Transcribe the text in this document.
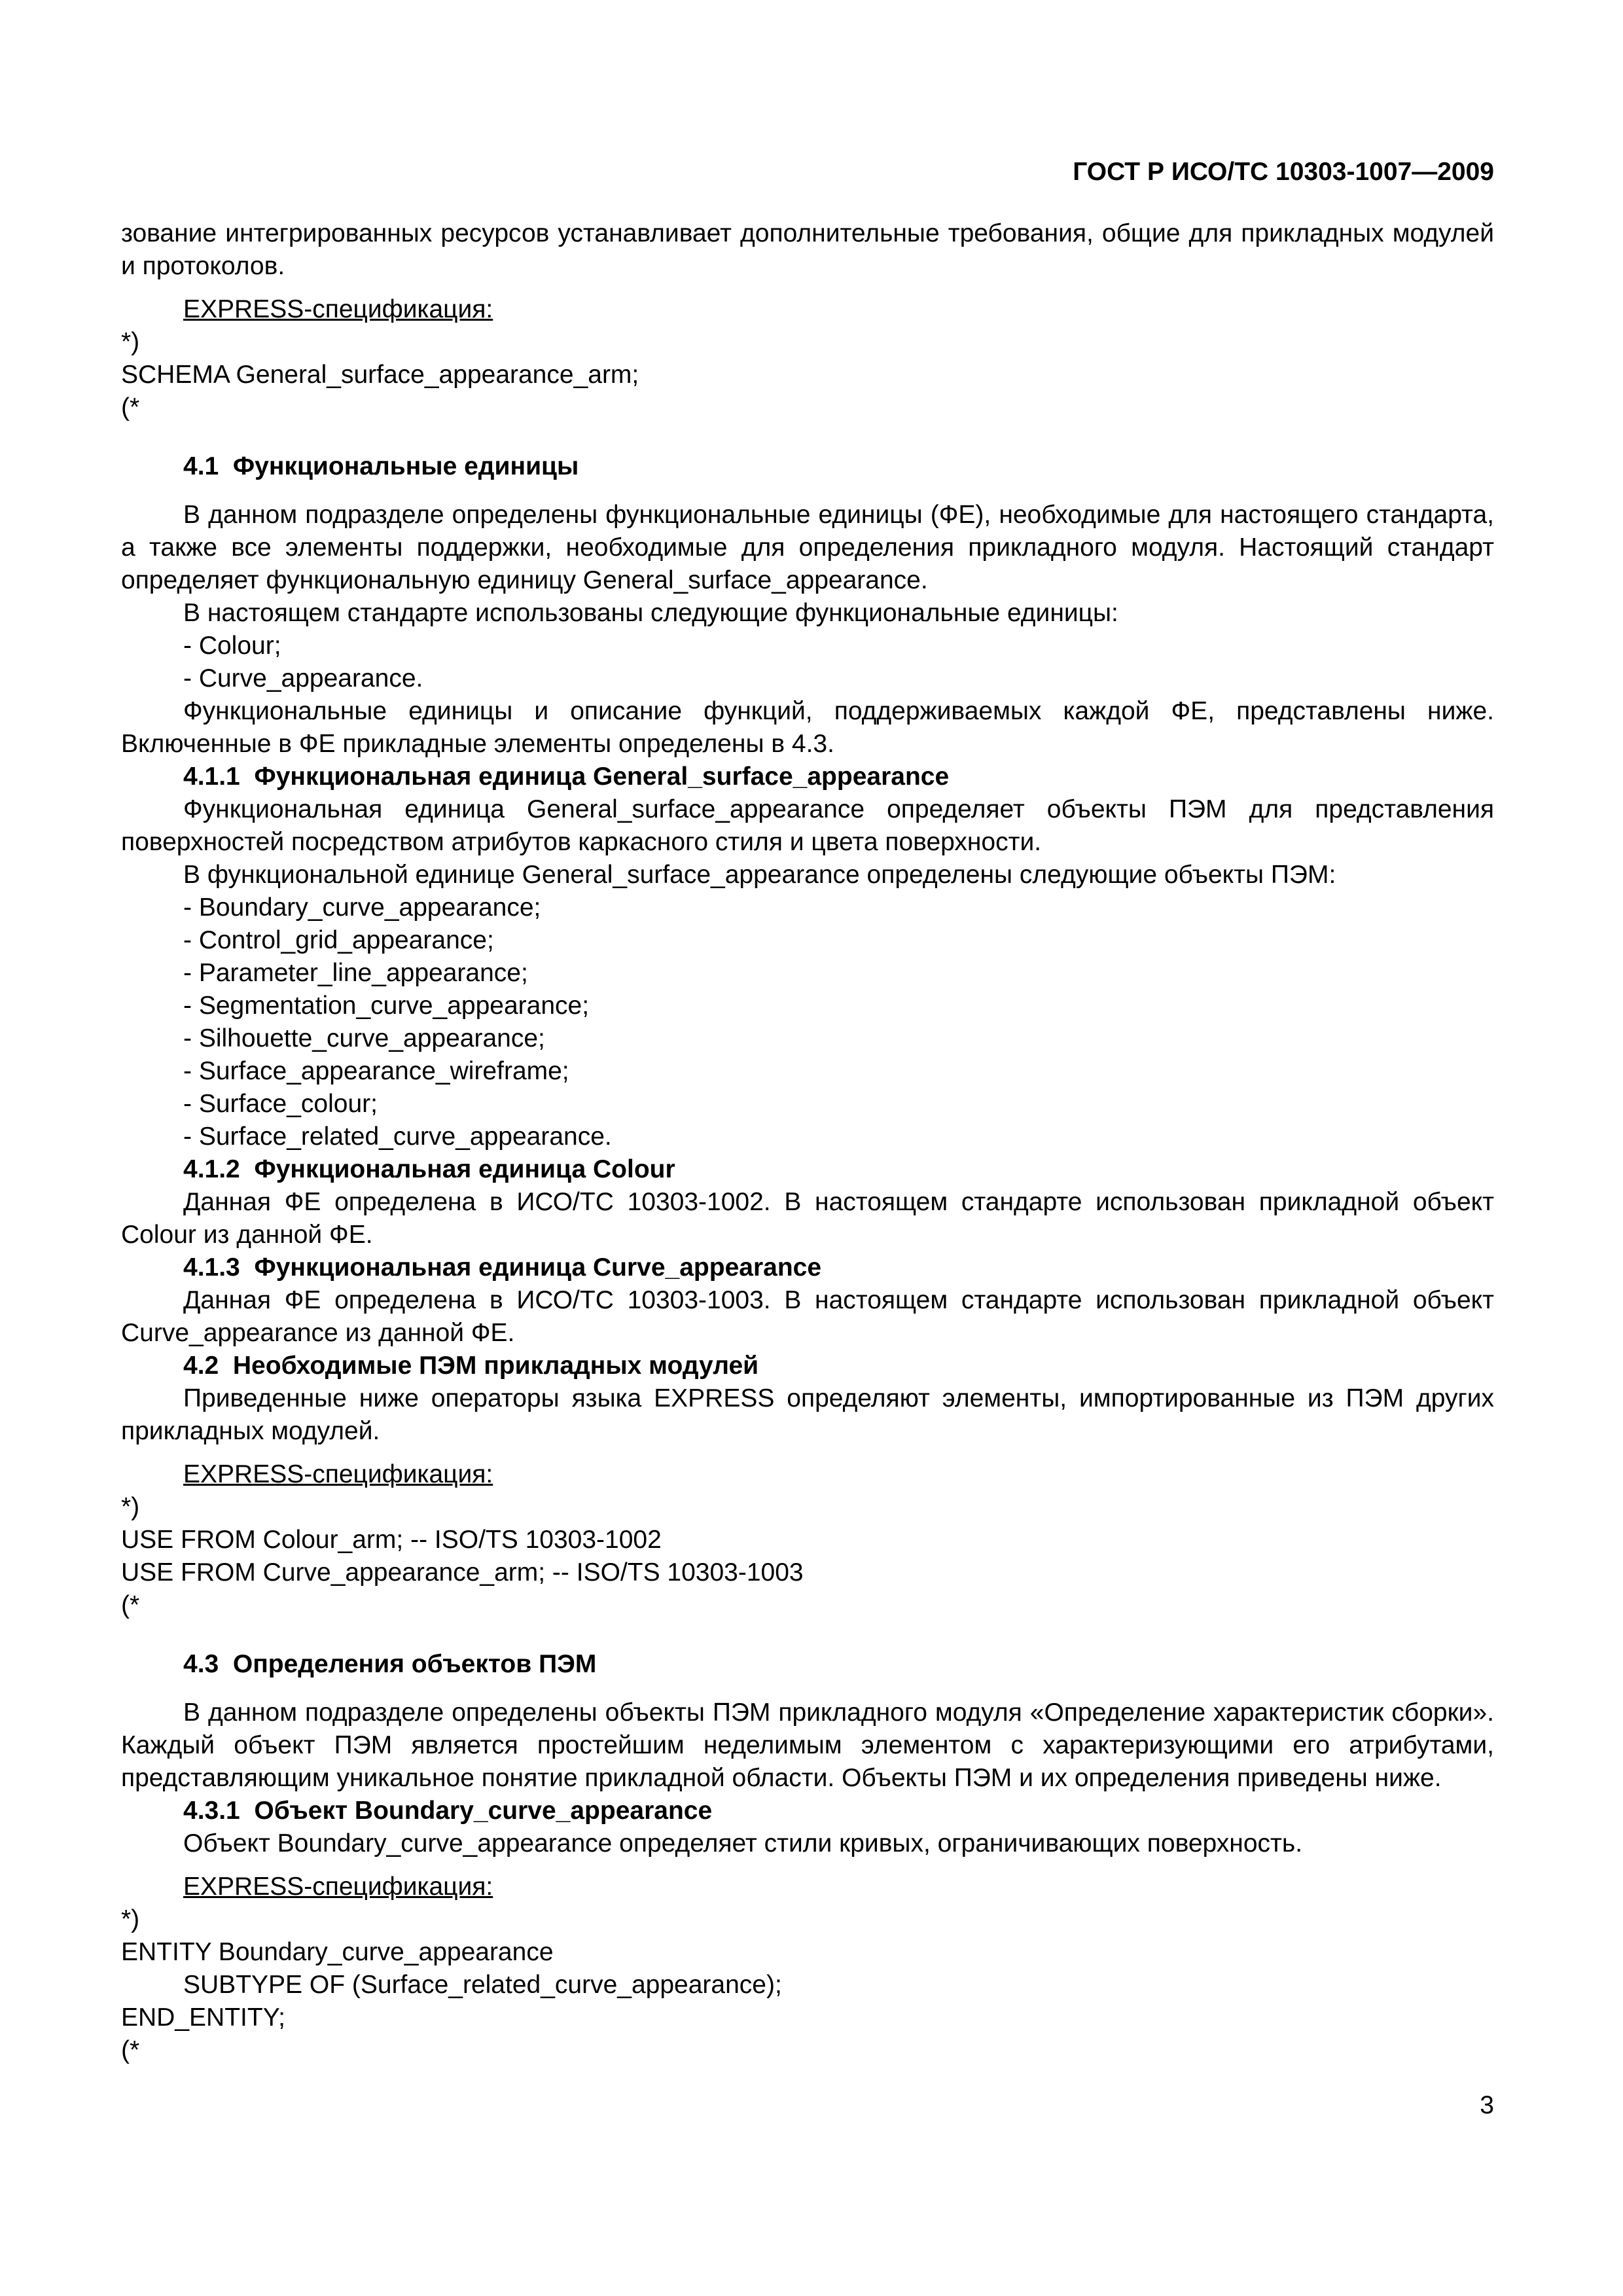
ГОСТ Р ИСО/ТС 10303-1007—2009
зование интегрированных ресурсов устанавливает дополнительные требования, общие для прикладных модулей и протоколов.
EXPRESS-спецификация:
*)
SCHEMA General_surface_appearance_arm;
(*
4.1  Функциональные единицы
В данном подразделе определены функциональные единицы (ФЕ), необходимые для настоящего стандарта, а также все элементы поддержки, необходимые для определения прикладного модуля. Настоящий стандарт определяет функциональную единицу General_surface_appearance.
В настоящем стандарте использованы следующие функциональные единицы:
- Colour;
- Curve_appearance.
Функциональные единицы и описание функций, поддерживаемых каждой ФЕ, представлены ниже. Включенные в ФЕ прикладные элементы определены в 4.3.
4.1.1  Функциональная единица General_surface_appearance
Функциональная единица General_surface_appearance определяет объекты ПЭМ для представления поверхностей посредством атрибутов каркасного стиля и цвета поверхности.
В функциональной единице General_surface_appearance определены следующие объекты ПЭМ:
- Boundary_curve_appearance;
- Control_grid_appearance;
- Parameter_line_appearance;
- Segmentation_curve_appearance;
- Silhouette_curve_appearance;
- Surface_appearance_wireframe;
- Surface_colour;
- Surface_related_curve_appearance.
4.1.2  Функциональная единица Colour
Данная ФЕ определена в ИСО/ТС 10303-1002. В настоящем стандарте использован прикладной объект Colour из данной ФЕ.
4.1.3  Функциональная единица Curve_appearance
Данная ФЕ определена в ИСО/ТС 10303-1003. В настоящем стандарте использован прикладной объект Curve_appearance из данной ФЕ.
4.2  Необходимые ПЭМ прикладных модулей
Приведенные ниже операторы языка EXPRESS определяют элементы, импортированные из ПЭМ других прикладных модулей.
EXPRESS-спецификация:
*)
USE FROM Colour_arm; -- ISO/TS 10303-1002
USE FROM Curve_appearance_arm; -- ISO/TS 10303-1003
(*
4.3  Определения объектов ПЭМ
В данном подразделе определены объекты ПЭМ прикладного модуля «Определение характеристик сборки». Каждый объект ПЭМ является простейшим неделимым элементом с характеризующими его атрибутами, представляющим уникальное понятие прикладной области. Объекты ПЭМ и их определения приведены ниже.
4.3.1  Объект Boundary_curve_appearance
Объект Boundary_curve_appearance определяет стили кривых, ограничивающих поверхность.
EXPRESS-спецификация:
*)
ENTITY Boundary_curve_appearance
SUBTYPE OF (Surface_related_curve_appearance);
END_ENTITY;
(*
3
